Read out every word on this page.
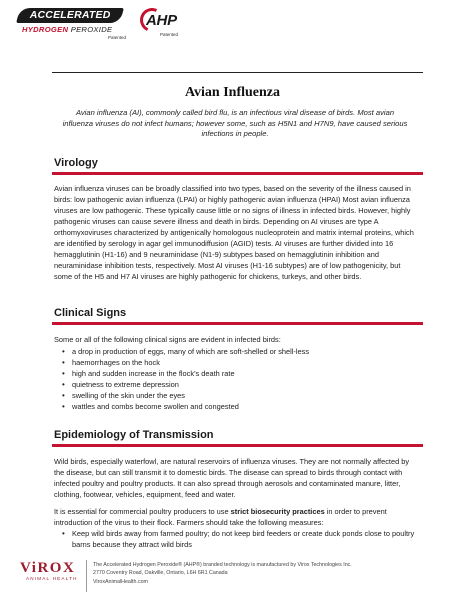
ACCELERATED
HYDROGEN PEROXIDE
Patented
AHP
Patented
Avian Influenza
Avian influenza (AI), commonly called bird flu, is an infectious viral disease of birds. Most avian influenza viruses do not infect humans; however some, such as H5N1 and H7N9, have caused serious infections in people.
Virology
Avian influenza viruses can be broadly classified into two types, based on the severity of the illness caused in birds: low pathogenic avian influenza (LPAI) or highly pathogenic avian influenza (HPAI) Most avian influenza viruses are low pathogenic. These typically cause little or no signs of illness in infected birds. However, highly pathogenic viruses can cause severe illness and death in birds. Depending on AI viruses are type A orthomyxoviruses characterized by antigenically homologous nucleoprotein and matrix internal proteins, which are identified by serology in agar gel immunodiffusion (AGID) tests. AI viruses are further divided into 16 hemagglutinin (H1-16) and 9 neuraminidase (N1-9) subtypes based on hemagglutinin inhibition and neuraminidase inhibition tests, respectively. Most AI viruses (H1-16 subtypes) are of low pathogenicity, but some of the H5 and H7 AI viruses are highly pathogenic for chickens, turkeys, and other birds.
Clinical Signs
Some or all of the following clinical signs are evident in infected birds:
• a drop in production of eggs, many of which are soft-shelled or shell-less
• haemorrhages on the hock
• high and sudden increase in the flock’s death rate
• quietness to extreme depression
• swelling of the skin under the eyes
• wattles and combs become swollen and congested
Epidemiology of Transmission
Wild birds, especially waterfowl, are natural reservoirs of influenza viruses. They are not normally affected by the disease, but can still transmit it to domestic birds. The disease can spread to birds through contact with infected poultry and poultry products. It can also spread through aerosols and contaminated manure, litter, clothing, footwear, vehicles, equipment, feed and water.
It is essential for commercial poultry producers to use strict biosecurity practices in order to prevent introduction of the virus to their flock. Farmers should take the following measures:
• Keep wild birds away from farmed poultry; do not keep bird feeders or create duck ponds close to poultry barns because they attract wild birds
ViROX
ANIMAL HEALTH
The Accelerated Hydrogen Peroxide® (AHP®) branded technology is manufactured by Virox Technologies Inc.
2770 Coventry Road, Oakville, Ontario, L6H 6R1 Canada
ViroxAnimalHealth.com
